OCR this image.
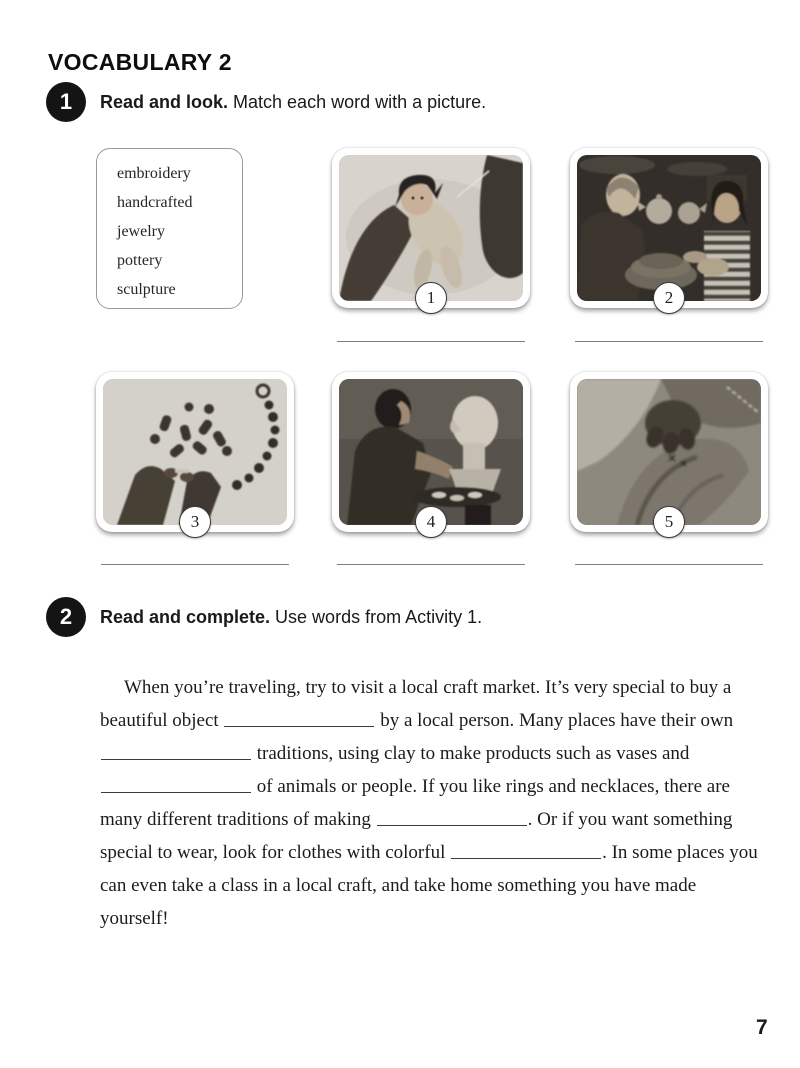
VOCABULARY 2
1 Read and look. Match each word with a picture.
embroidery
handcrafted
jewelry
pottery
sculpture	1	2
3	4	5
2 Read and complete. Use words from Activity 1.

When you’re traveling, try to visit a local craft market. It’s very special to buy a beautiful object	by a local person. Many places have their own  traditions, using clay to make products such as vases and  of animals or people. If you like rings and necklaces, there are many different traditions of making	. Or if you want something special to wear, look for clothes with colorful	. In some places you can even take a class in a local craft, and take home something you have made yourself!

7
